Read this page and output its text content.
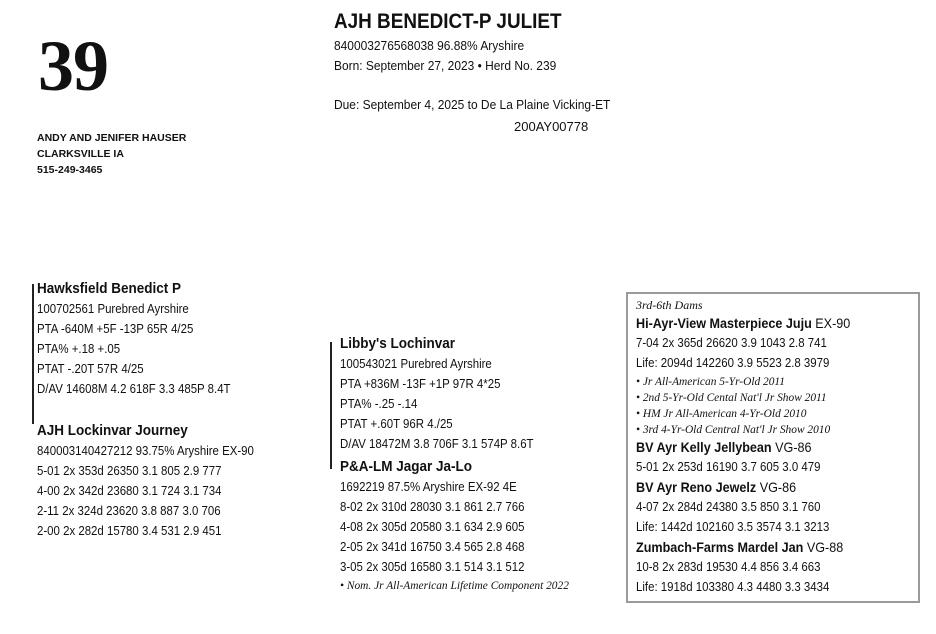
39
ANDY AND JENIFER HAUSER
CLARKSVILLE IA
515-249-3465
AJH BENEDICT-P JULIET
840003276568038 96.88% Aryshire
Born: September 27, 2023 • Herd No. 239
Due: September 4, 2025 to De La Plaine Vicking-ET
200AY00778
Hawksfield Benedict P
100702561 Purebred Ayrshire
PTA -640M +5F -13P 65R 4/25
PTA% +.18 +.05
PTAT -.20T 57R 4/25
D/AV 14608M 4.2 618F 3.3 485P 8.4T
AJH Lockinvar Journey
840003140427212 93.75% Aryshire EX-90
5-01 2x 353d 26350 3.1 805 2.9 777
4-00 2x 342d 23680 3.1 724 3.1 734
2-11 2x 324d 23620 3.8 887 3.0 706
2-00 2x 282d 15780 3.4 531 2.9 451
Libby's Lochinvar
100543021 Purebred Ayrshire
PTA +836M -13F +1P 97R 4*25
PTA% -.25 -.14
PTAT +.60T 96R 4./25
D/AV 18472M 3.8 706F 3.1 574P 8.6T
P&A-LM Jagar Ja-Lo
1692219 87.5% Aryshire EX-92 4E
8-02 2x 310d 28030 3.1 861 2.7 766
4-08 2x 305d 20580 3.1 634 2.9 605
2-05 2x 341d 16750 3.4 565 2.8 468
3-05 2x 305d 16580 3.1 514 3.1 512
• Nom. Jr All-American Lifetime Component 2022
3rd-6th Dams
Hi-Ayr-View Masterpiece Juju EX-90
7-04 2x 365d 26620 3.9 1043 2.8 741
Life: 2094d 142260 3.9 5523 2.8 3979
• Jr All-American 5-Yr-Old 2011
• 2nd 5-Yr-Old Cental Nat'l Jr Show 2011
• HM Jr All-American 4-Yr-Old 2010
• 3rd 4-Yr-Old Central Nat'l Jr Show 2010
BV Ayr Kelly Jellybean VG-86
5-01 2x 253d 16190 3.7 605 3.0 479
BV Ayr Reno Jewelz VG-86
4-07 2x 284d 24380 3.5 850 3.1 760
Life: 1442d 102160 3.5 3574 3.1 3213
Zumbach-Farms Mardel Jan VG-88
10-8 2x 283d 19530 4.4 856 3.4 663
Life: 1918d 103380 4.3 4480 3.3 3434
